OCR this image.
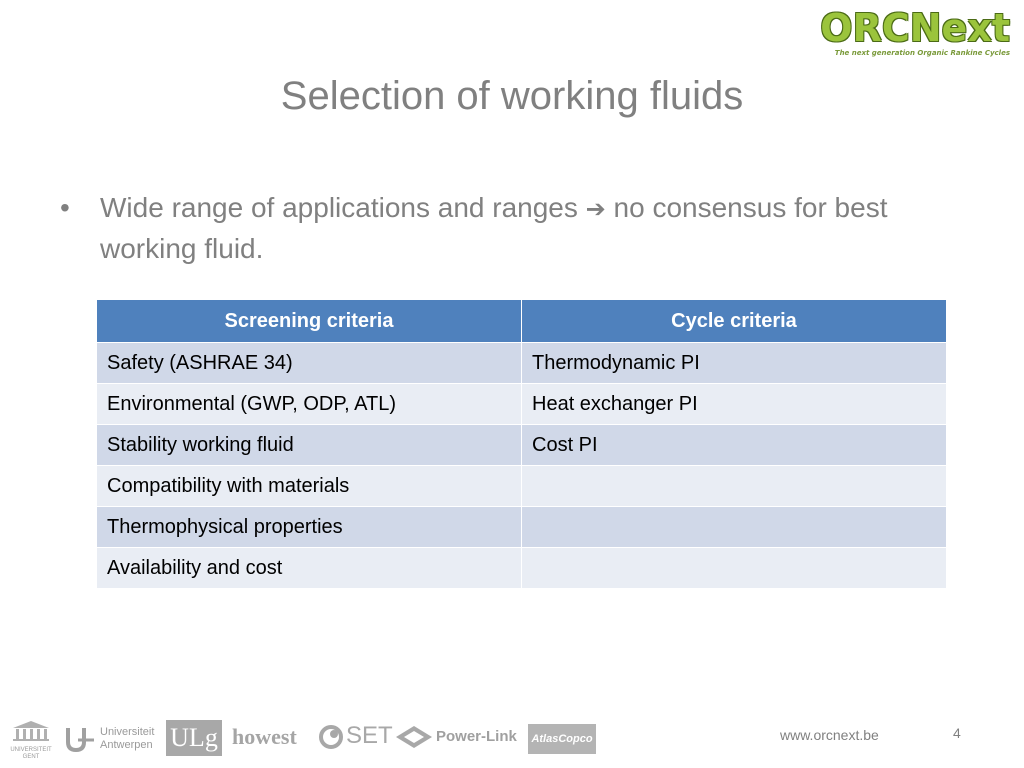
ORCNext
The next generation Organic Rankine Cycles
Selection of working fluids
• Wide range of applications and ranges ➔ no consensus for best working fluid.
Screening criteria	Cycle criteria
Safety (ASHRAE 34)	Thermodynamic PI
Environmental (GWP, ODP, ATL)	Heat exchanger PI
Stability working fluid	Cost PI
Compatibility with materials	
Thermophysical properties	
Availability and cost	
UNIVERSITEIT GENT
Universiteit
Antwerpen ULg howest SET	Power-Link	AtlasCopco	www.orcnext.be	4
